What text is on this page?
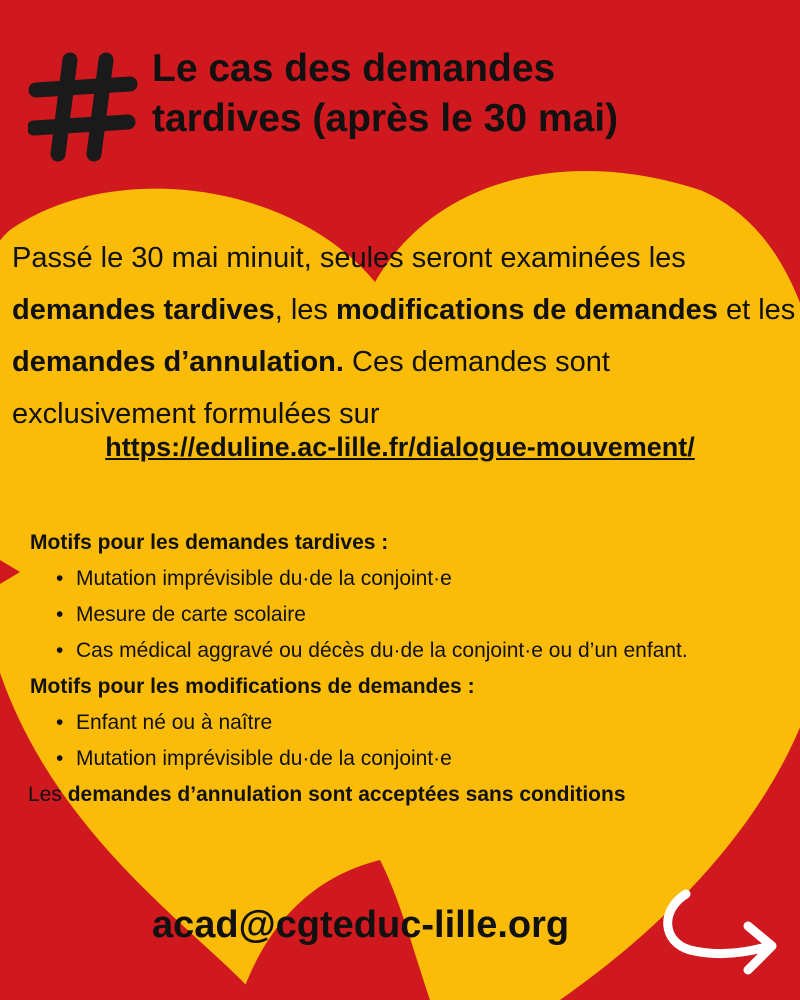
Le cas des demandes
tardives (après le 30 mai)

Passé le 30 mai minuit, seules seront examinées les demandes tardives, les modifications de demandes et les demandes d’annulation. Ces demandes sont exclusivement formulées sur

https://eduline.ac-lille.fr/dialogue-mouvement/

Motifs pour les demandes tardives :

• Mutation imprévisible du·de la conjoint·e
• Mesure de carte scolaire
• Cas médical aggravé ou décès du·de la conjoint·e ou d’un enfant.

Motifs pour les modifications de demandes :

• Enfant né ou à naître
• Mutation imprévisible du·de la conjoint·e

Les demandes d’annulation sont acceptées sans conditions

acad@cgteduc-lille.org
